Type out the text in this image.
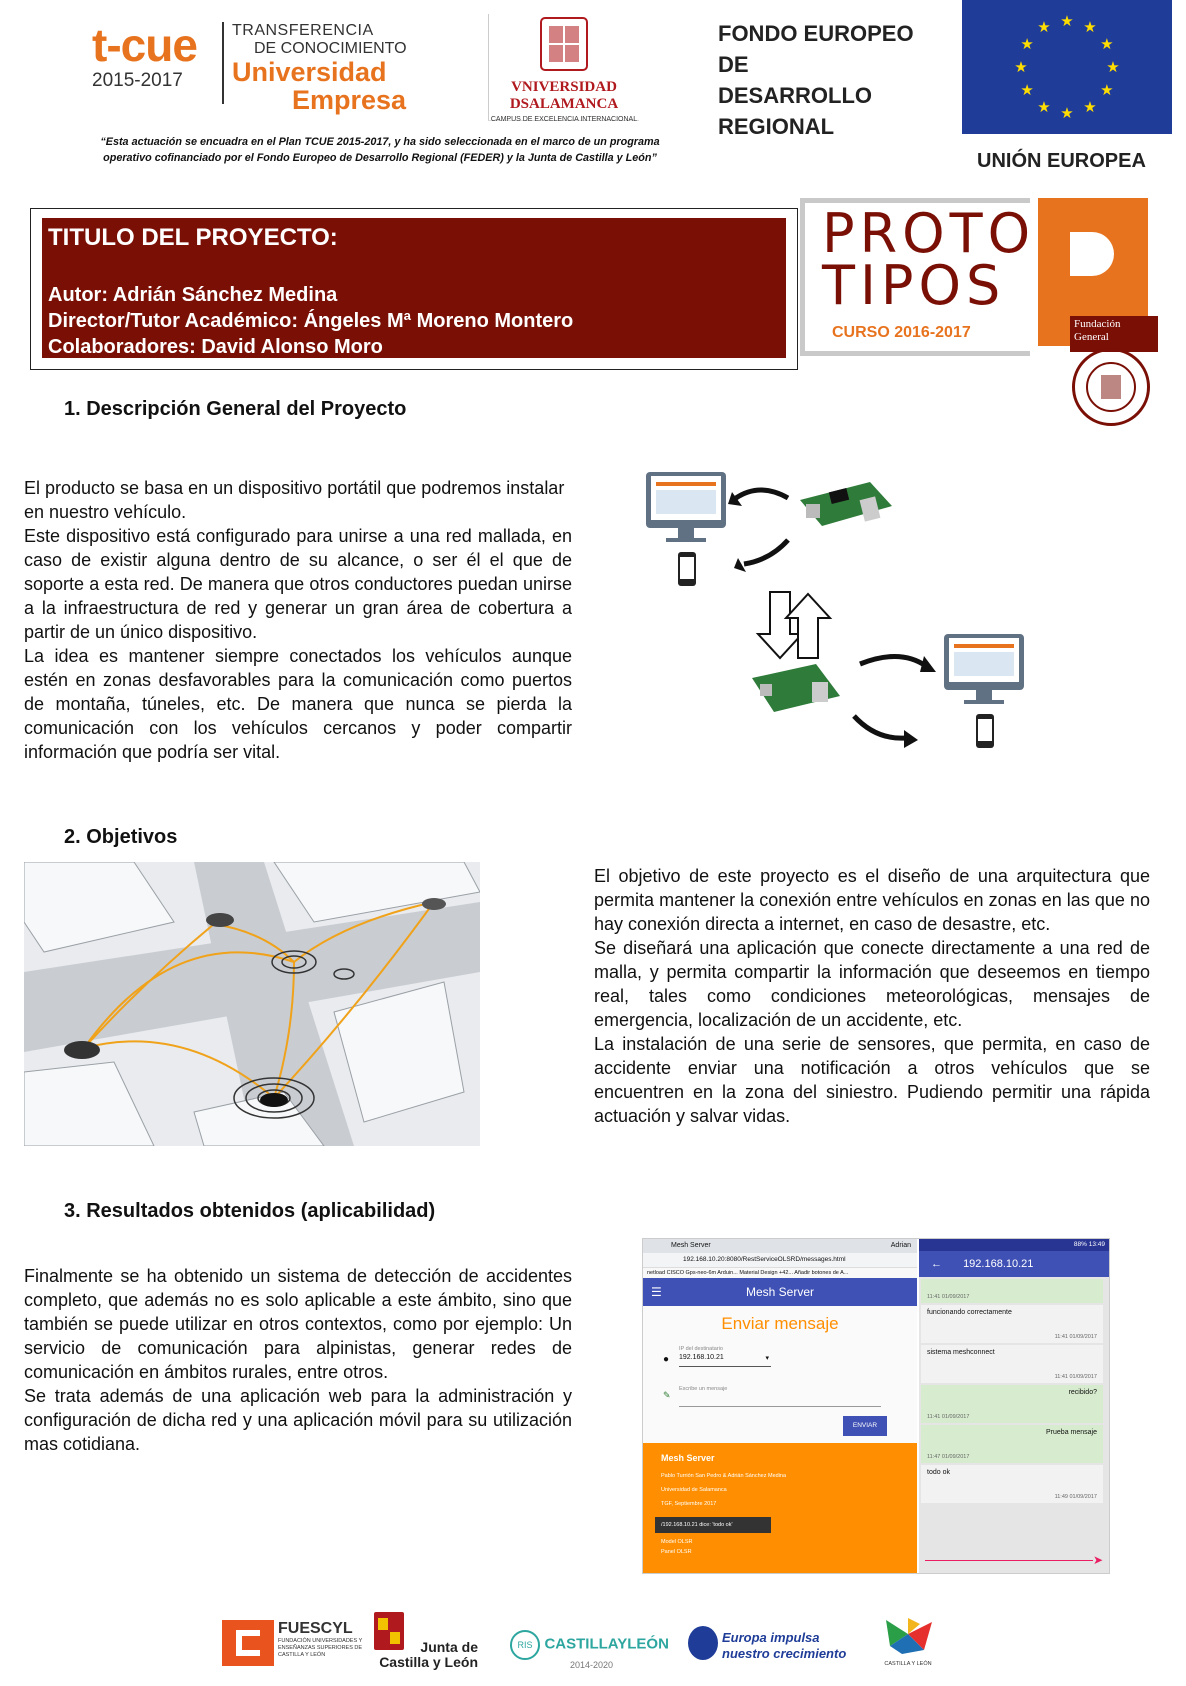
t-cue
2015-2017
TRANSFERENCIA
DE CONOCIMIENTO
Universidad
Empresa	VNIVERSIDAD
DSALAMANCA
CAMPUS DE EXCELENCIA INTERNACIONAL
FONDO EUROPEO DE
DESARROLLO
REGIONAL
★ ★
★
★
★
★
★
★
★
★
★
★
UNIÓN EUROPEA
“Esta actuación se encuadra en el Plan TCUE 2015-2017, y ha sido seleccionada en el marco de un programa
operativo cofinanciado por el Fondo Europeo de Desarrollo Regional (FEDER) y la Junta de Castilla y León”
TITULO DEL PROYECTO:
Autor: Adrián Sánchez Medina
Director/Tutor Académico: Ángeles Mª Moreno Montero
Colaboradores: David Alonso Moro
PROTO
TIPOS
CURSO 2016-2017	Fundación
General
1. Descripción General del Proyecto

El producto se basa en un dispositivo portátil que podremos instalar en nuestro vehículo.

Este dispositivo está configurado para unirse a una red mallada, en caso de existir alguna dentro de su alcance, o ser él el que de soporte a esta red. De manera que otros conductores puedan unirse a la infraestructura de red y generar un gran área de cobertura a partir de un único dispositivo.

La idea es mantener siempre conectados los vehículos aunque estén en zonas desfavorables para la comunicación como puertos de montaña, túneles, etc. De manera que nunca se pierda la comunicación con los vehículos cercanos y poder compartir información que podría ser vital.

2. Objetivos

El objetivo de este proyecto es el diseño de una arquitectura que permita mantener la conexión entre vehículos en zonas en las que no hay conexión directa a internet, en caso de desastre, etc.

Se diseñará una aplicación que conecte directamente a una red de malla, y permita compartir la información que deseemos en tiempo real, tales como condiciones meteorológicas, mensajes de emergencia, localización de un accidente, etc.

La instalación de una serie de sensores, que permita, en caso de accidente enviar una notificación a otros vehículos que se encuentren en la zona del siniestro. Pudiendo permitir una rápida actuación y salvar vidas.

3. Resultados obtenidos (aplicabilidad)

Finalmente se ha obtenido un sistema de detección de accidentes completo, que además no es solo aplicable a este ámbito, sino que también se puede utilizar en otros contextos, como por ejemplo: Un servicio de comunicación para alpinistas, generar redes de comunicación en ámbitos rurales, entre otros.

Se trata además de una aplicación web para la administración y configuración de dicha red y una aplicación móvil para su utilización mas cotidiana.

Mesh Server	Adrian
192.168.10.20:8080/RestServiceOLSRD/messages.html
netload CISCO Gps-neo-6m Arduin... Material Design +42... Añadir botones de A...
☰	Mesh Server
Enviar mensaje
IP del destinatario
● 192.168.10.21	▾
Escribe un mensaje
✎
ENVIAR
Mesh Server
Pablo Turrión San Pedro & Adrián Sánchez Medina
Universidad de Salamanca
TGF, Septiembre 2017
/192.168.10.21 dice: 'todo ok'
Model OLSR
Panel OLSR
88% 13:49
← 192.168.10.21
11:41 01/09/2017
funcionando correctamente
11:41 01/09/2017
sistema meshconnect
11:41 01/09/2017
recibido?
11:41 01/09/2017
Prueba mensaje
11:47 01/09/2017
todo ok
11:49 01/09/2017
➤
FUESCYL
FUNDACIÓN UNIVERSIDADES Y ENSEÑANZAS SUPERIORES DE CASTILLA Y LEÓN	Junta de
Castilla y León
RIS CASTILLAYLEÓN
2014-2020
Europa impulsa
nuestro crecimiento
CASTILLA Y LEÓN
